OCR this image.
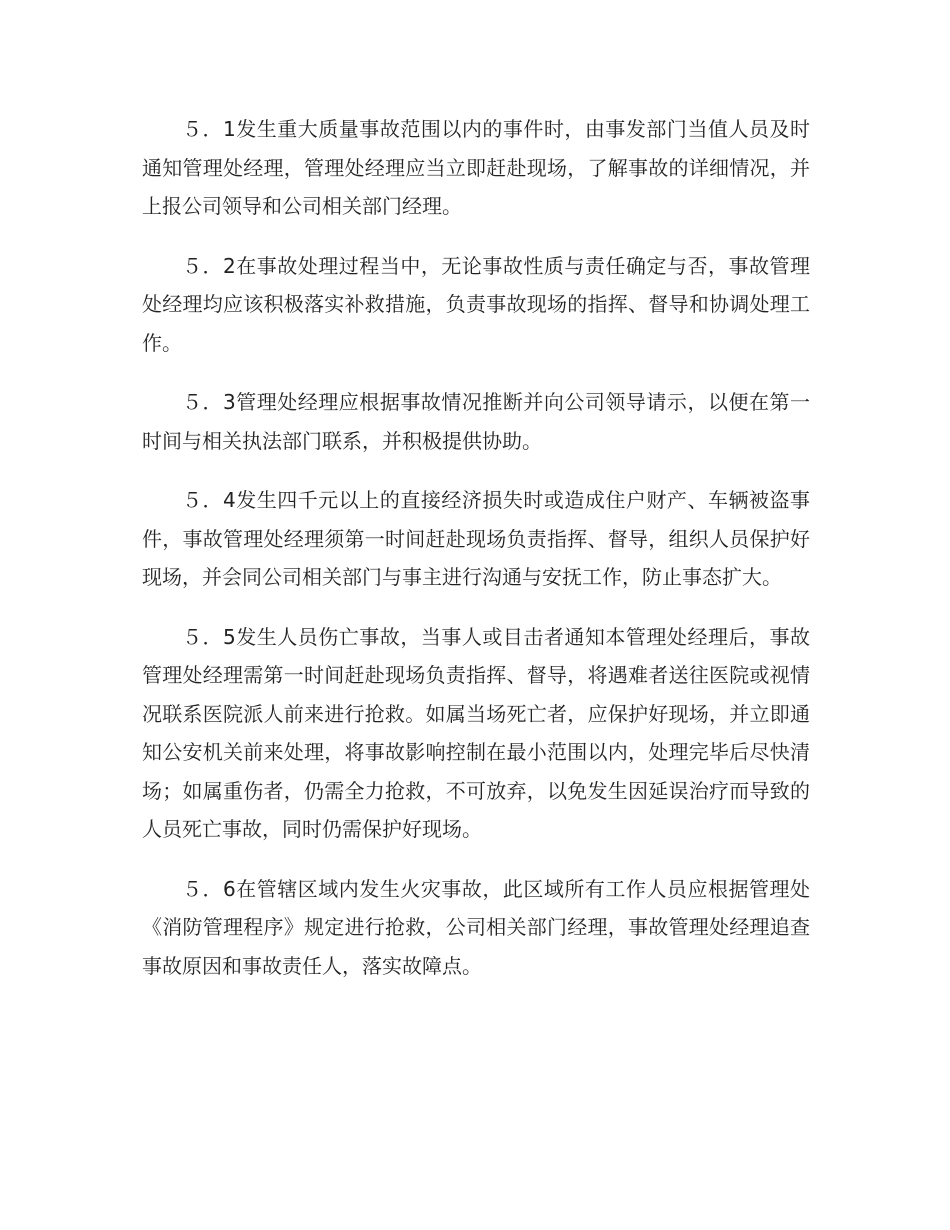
５．1发生重大质量事故范围以内的事件时，由事发部门当值人员及时通知管理处经理，管理处经理应当立即赶赴现场，了解事故的详细情况，并上报公司领导和公司相关部门经理。

５．2在事故处理过程当中，无论事故性质与责任确定与否，事故管理处经理均应该积极落实补救措施，负责事故现场的指挥、督导和协调处理工作。

５．3管理处经理应根据事故情况推断并向公司领导请示，以便在第一时间与相关执法部门联系，并积极提供协助。

５．4发生四千元以上的直接经济损失时或造成住户财产、车辆被盗事件，事故管理处经理须第一时间赶赴现场负责指挥、督导，组织人员保护好现场，并会同公司相关部门与事主进行沟通与安抚工作，防止事态扩大。

５．5发生人员伤亡事故，当事人或目击者通知本管理处经理后，事故管理处经理需第一时间赶赴现场负责指挥、督导，将遇难者送往医院或视情况联系医院派人前来进行抢救。如属当场死亡者，应保护好现场，并立即通知公安机关前来处理，将事故影响控制在最小范围以内，处理完毕后尽快清场；如属重伤者，仍需全力抢救，不可放弃，以免发生因延误治疗而导致的人员死亡事故，同时仍需保护好现场。

５．6在管辖区域内发生火灾事故，此区域所有工作人员应根据管理处《消防管理程序》规定进行抢救，公司相关部门经理，事故管理处经理追查事故原因和事故责任人，落实故障点。
